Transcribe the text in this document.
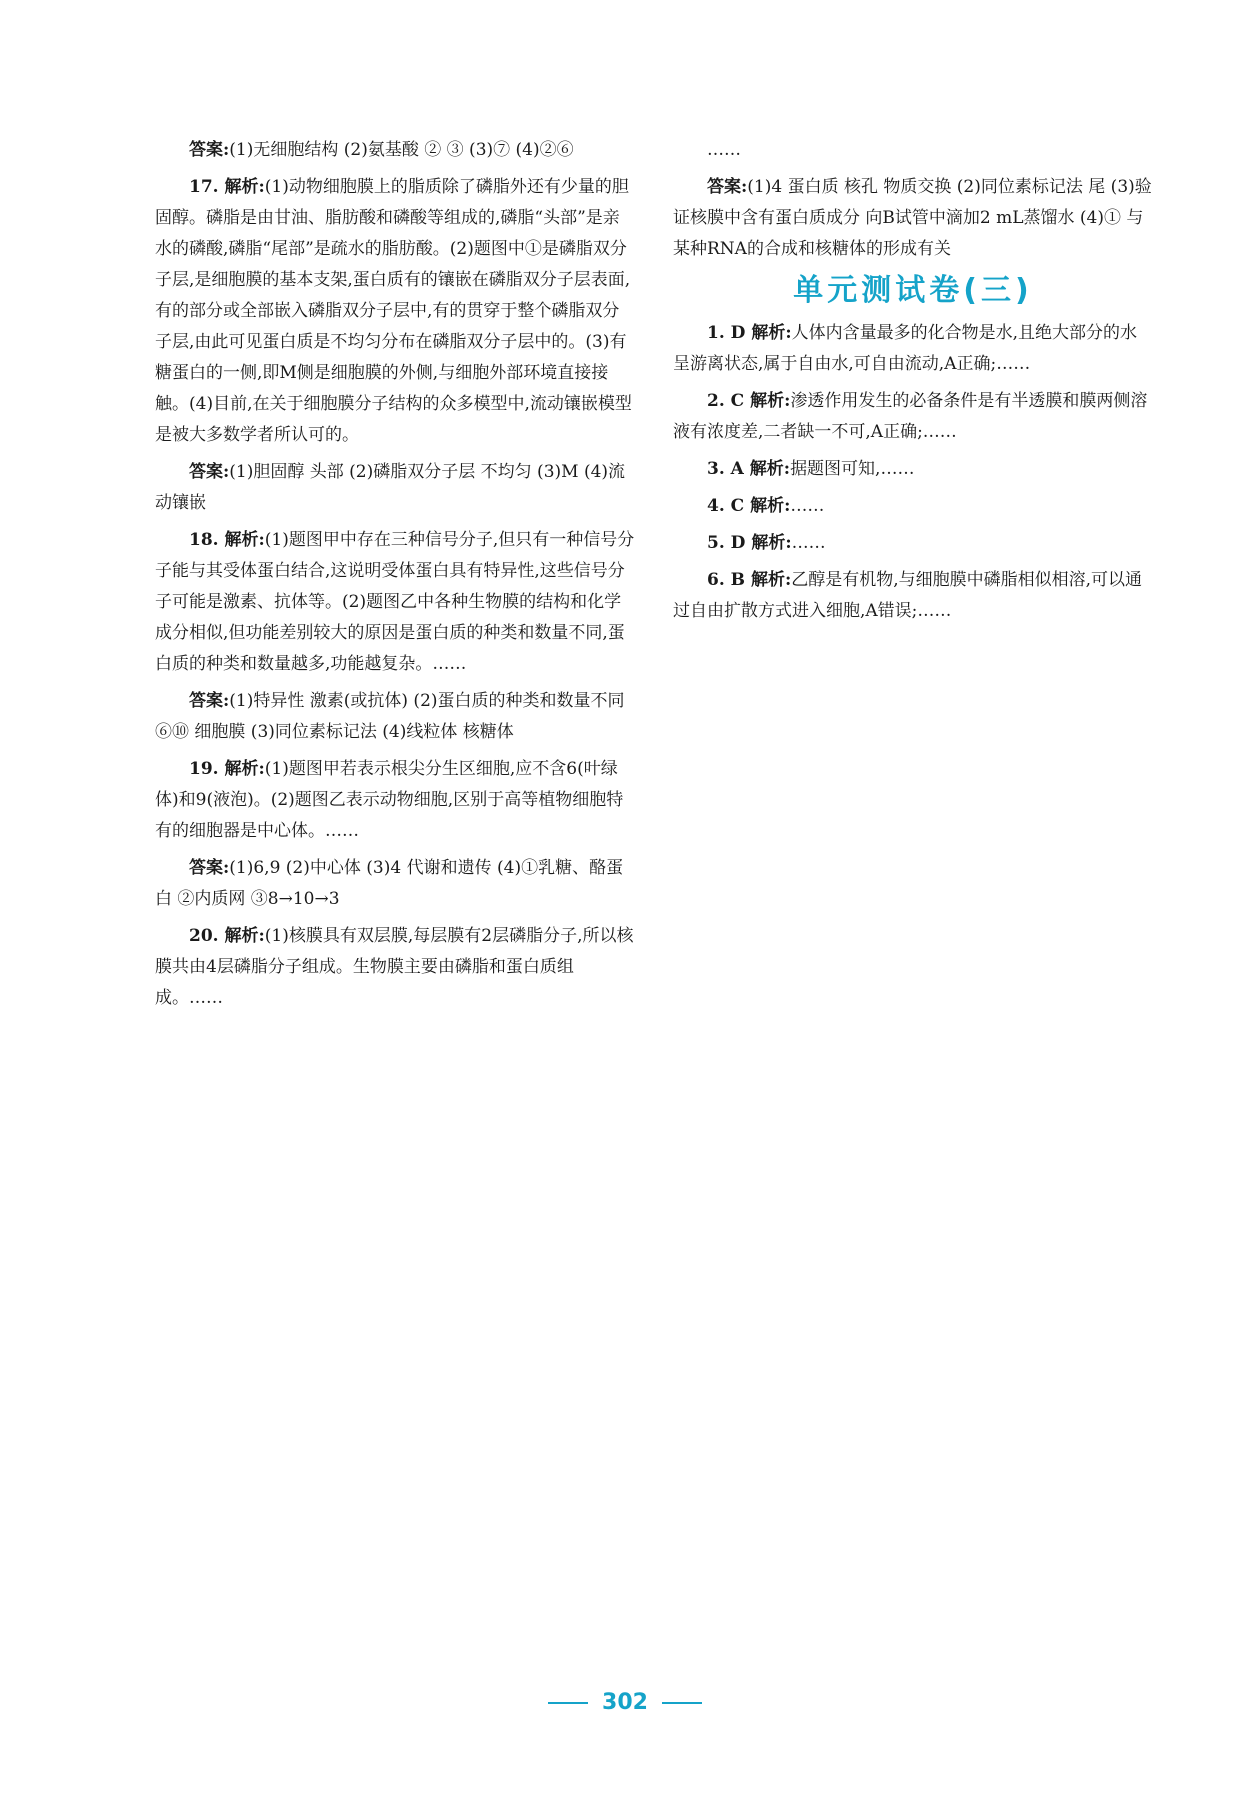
答案:(1)无细胞结构 (2)氨基酸 ② ③ (3)⑦ (4)②⑥
17. 解析:(1)动物细胞膜上的脂质除了磷脂外还有少量的胆固醇。磷脂是由甘油、脂肪酸和磷酸等组成的,磷脂“头部”是亲水的磷酸,磷脂“尾部”是疏水的脂肪酸。(2)题图中①是磷脂双分子层,是细胞膜的基本支架,蛋白质有的镶嵌在磷脂双分子层表面,有的部分或全部嵌入磷脂双分子层中,有的贯穿于整个磷脂双分子层,由此可见蛋白质是不均匀分布在磷脂双分子层中的。(3)有糖蛋白的一侧,即M侧是细胞膜的外侧,与细胞外部环境直接接触。(4)目前,在关于细胞膜分子结构的众多模型中,流动镶嵌模型是被大多数学者所认可的。
答案:(1)胆固醇 头部 (2)磷脂双分子层 不均匀 (3)M (4)流动镶嵌
18. 解析:(1)题图甲中存在三种信号分子,但只有一种信号分子能与其受体蛋白结合,这说明受体蛋白具有特异性,这些信号分子可能是激素、抗体等。(2)题图乙中各种生物膜的结构和化学成分相似,但功能差别较大的原因是蛋白质的种类和数量不同,蛋白质的种类和数量越多,功能越复杂。……
答案:(1)特异性 激素(或抗体) (2)蛋白质的种类和数量不同 ⑥⑩ 细胞膜 (3)同位素标记法 (4)线粒体 核糖体
19. 解析:(1)题图甲若表示根尖分生区细胞,应不含6(叶绿体)和9(液泡)。(2)题图乙表示动物细胞,区别于高等植物细胞特有的细胞器是中心体。……
答案:(1)6,9 (2)中心体 (3)4 代谢和遗传 (4)①乳糖、酪蛋白 ②内质网 ③8→10→3
20. 解析:(1)核膜具有双层膜,每层膜有2层磷脂分子,所以核膜共由4层磷脂分子组成。生物膜主要由磷脂和蛋白质组成。……
……
答案:(1)4 蛋白质 核孔 物质交换 (2)同位素标记法 尾 (3)验证核膜中含有蛋白质成分 向B试管中滴加2 mL蒸馏水 (4)① 与某种RNA的合成和核糖体的形成有关
单元测试卷(三)
1. D 解析:人体内含量最多的化合物是水,且绝大部分的水呈游离状态,属于自由水,可自由流动,A正确;……
2. C 解析:渗透作用发生的必备条件是有半透膜和膜两侧溶液有浓度差,二者缺一不可,A正确;……
3. A 解析:据题图可知,……
4. C 解析:……
5. D 解析:……
6. B 解析:乙醇是有机物,与细胞膜中磷脂相似相溶,可以通过自由扩散方式进入细胞,A错误;……
302
